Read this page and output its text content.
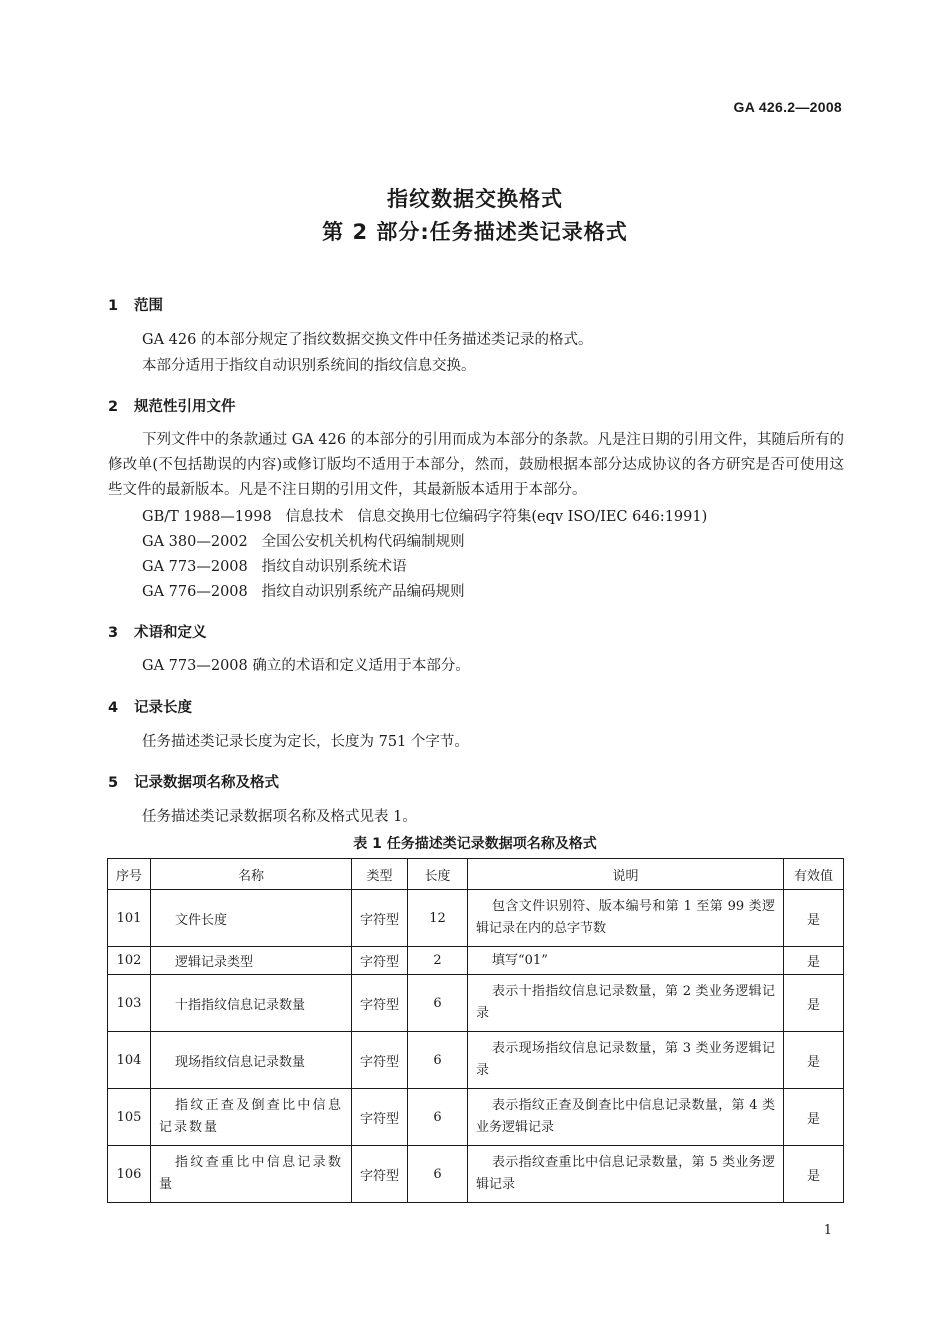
GA 426.2—2008
指纹数据交换格式
第 2 部分:任务描述类记录格式
1 范围
GA 426 的本部分规定了指纹数据交换文件中任务描述类记录的格式。
本部分适用于指纹自动识别系统间的指纹信息交换。
2 规范性引用文件
下列文件中的条款通过 GA 426 的本部分的引用而成为本部分的条款。凡是注日期的引用文件，其随后所有的修改单(不包括勘误的内容)或修订版均不适用于本部分，然而，鼓励根据本部分达成协议的各方研究是否可使用这些文件的最新版本。凡是不注日期的引用文件，其最新版本适用于本部分。
GB/T 1988—1998   信息技术   信息交换用七位编码字符集(eqv ISO/IEC 646:1991)
GA 380—2002   全国公安机关机构代码编制规则
GA 773—2008   指纹自动识别系统术语
GA 776—2008   指纹自动识别系统产品编码规则
3 术语和定义
GA 773—2008 确立的术语和定义适用于本部分。
4 记录长度
任务描述类记录长度为定长，长度为 751 个字节。
5 记录数据项名称及格式
任务描述类记录数据项名称及格式见表 1。
表 1 任务描述类记录数据项名称及格式
序号	名称	类型	长度	说明	有效值
101	文件长度	字符型	12	包含文件识别符、版本编号和第 1 至第 99 类逻辑记录在内的总字节数	是
102	逻辑记录类型	字符型	2	填写“01”	是
103	十指指纹信息记录数量	字符型	6	表示十指指纹信息记录数量，第 2 类业务逻辑记录	是
104	现场指纹信息记录数量	字符型	6	表示现场指纹信息记录数量，第 3 类业务逻辑记录	是
105	指纹正查及倒查比中信息记录数量	字符型	6	表示指纹正查及倒查比中信息记录数量，第 4 类业务逻辑记录	是
106	指纹查重比中信息记录数量	字符型	6	表示指纹查重比中信息记录数量，第 5 类业务逻辑记录	是
1
